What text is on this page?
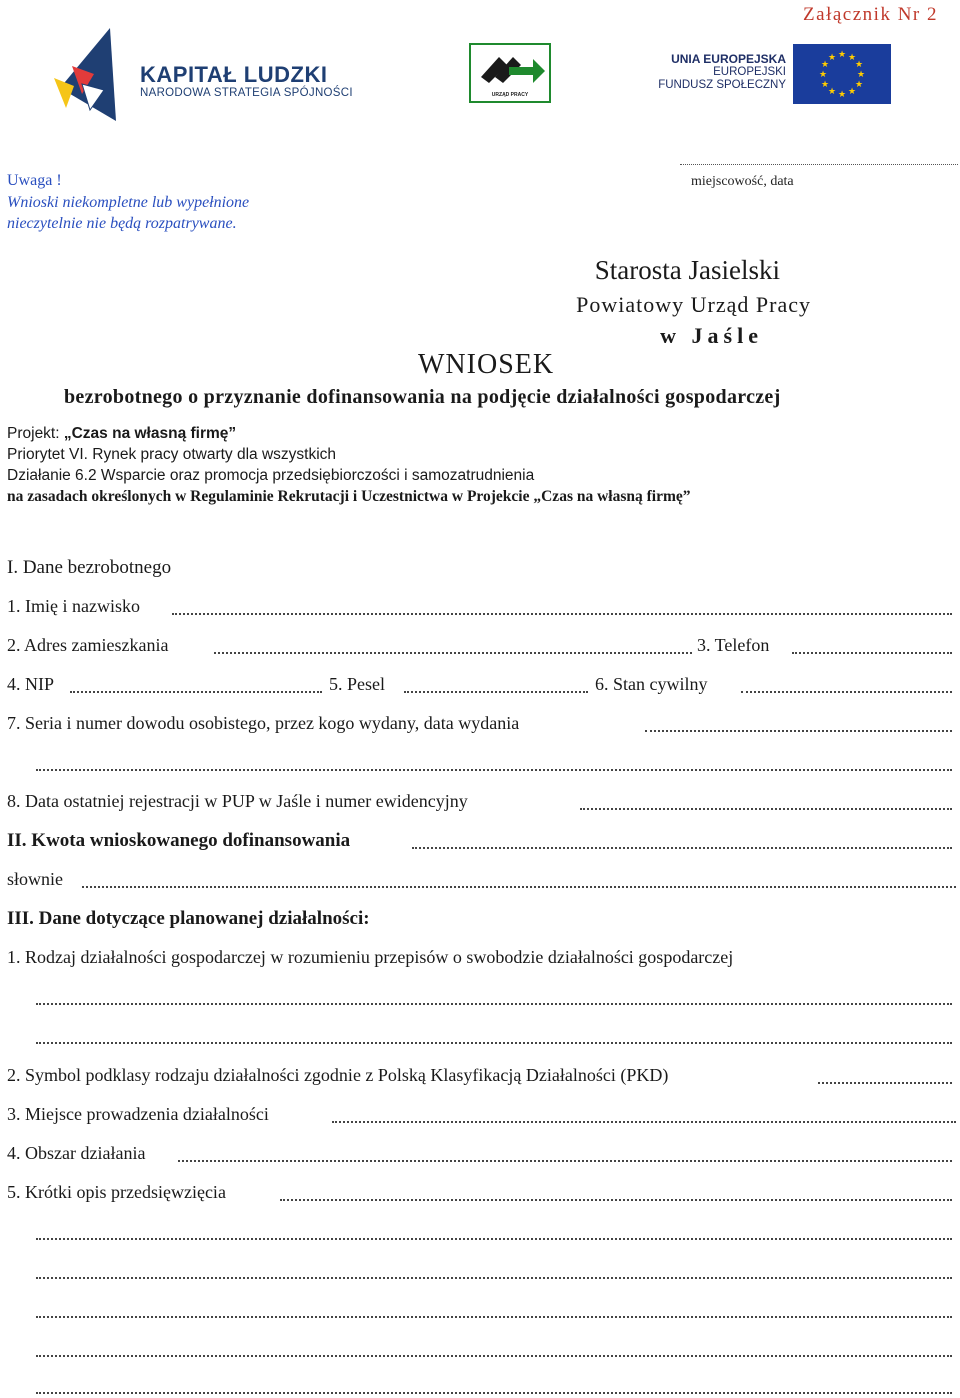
Załącznik Nr 2
KAPITAŁ LUDZKI
NARODOWA STRATEGIA SPÓJNOŚCI	URZĄD PRACY
UNIA EUROPEJSKA
EUROPEJSKI
FUNDUSZ SPOŁECZNY
★ ★
★
★
★
★
★
★
★
★
★
★
Uwaga !
Wnioski niekompletne lub wypełnione
nieczytelnie nie będą rozpatrywane.
miejscowość, data
Starosta Jasielski
Powiatowy Urząd Pracy
w Jaśle
WNIOSEK
bezrobotnego o przyznanie dofinansowania na podjęcie działalności gospodarczej
Projekt: „Czas na własną firmę”
Priorytet VI. Rynek pracy otwarty dla wszystkich
Działanie 6.2 Wsparcie oraz promocja przedsiębiorczości i samozatrudnienia
na zasadach określonych w Regulaminie Rekrutacji i Uczestnictwa w Projekcie „Czas na własną firmę”
I. Dane bezrobotnego
1. Imię i nazwisko
2. Adres zamieszkania	3. Telefon
4. NIP	5. Pesel	6. Stan cywilny
7. Seria i numer dowodu osobistego, przez kogo wydany, data wydania
8. Data ostatniej rejestracji w PUP w Jaśle i numer ewidencyjny
II. Kwota wnioskowanego dofinansowania
słownie
III. Dane dotyczące planowanej działalności:
1. Rodzaj działalności gospodarczej w rozumieniu przepisów o swobodzie działalności gospodarczej
2. Symbol podklasy rodzaju działalności zgodnie z Polską Klasyfikacją Działalności (PKD)
3. Miejsce prowadzenia działalności
4. Obszar działania
5. Krótki opis przedsięwzięcia
